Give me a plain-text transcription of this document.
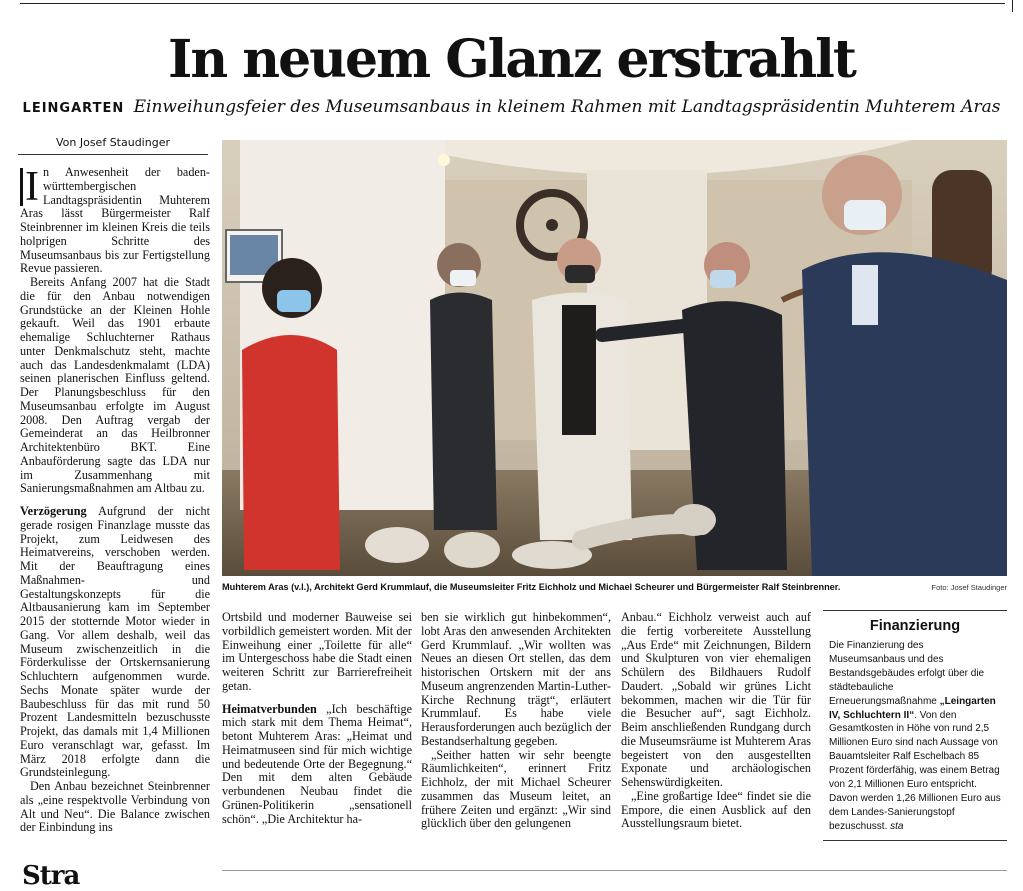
In neuem Glanz erstrahlt
LEINGARTEN Einweihungsfeier des Museumsanbaus in kleinem Rahmen mit Landtagspräsidentin Muhterem Aras
Von Josef Staudinger

I n Anwesenheit der baden-württembergischen Landtagspräsidentin Muhterem Aras lässt Bürgermeister Ralf Steinbrenner im kleinen Kreis die teils holprigen Schritte des Museumsanbaus bis zur Fertigstellung Revue passieren.

Bereits Anfang 2007 hat die Stadt die für den Anbau notwendigen Grundstücke an der Kleinen Hohle gekauft. Weil das 1901 erbaute ehemalige Schluchterner Rathaus unter Denkmalschutz steht, machte auch das Landesdenkmalamt (LDA) seinen planerischen Einfluss geltend. Der Planungsbeschluss für den Museumsanbau erfolgte im August 2008. Den Auftrag vergab der Gemeinderat an das Heilbronner Architektenbüro BKT. Eine Anbauförderung sagte das LDA nur im Zusammenhang mit Sanierungsmaßnahmen am Altbau zu.

Verzögerung Aufgrund der nicht gerade rosigen Finanzlage musste das Projekt, zum Leidwesen des Heimatvereins, verschoben werden. Mit der Beauftragung eines Maßnahmen- und Gestaltungskonzepts für die Altbausanierung kam im September 2015 der stotternde Motor wieder in Gang. Vor allem deshalb, weil das Museum zwischenzeitlich in die Förderkulisse der Ortskernsanierung Schluchtern aufgenommen wurde. Sechs Monate später wurde der Baubeschluss für das mit rund 50 Prozent Landesmitteln bezuschusste Projekt, das damals mit 1,4 Millionen Euro veranschlagt war, gefasst. Im März 2018 erfolgte dann die Grundsteinlegung.

Den Anbau bezeichnet Steinbrenner als „eine respektvolle Verbindung von Alt und Neu“. Die Balance zwischen der Einbindung ins

Muhterem Aras (v.l.), Architekt Gerd Krummlauf, die Museumsleiter Fritz Eichholz und Michael Scheurer und Bürgermeister Ralf Steinbrenner.	Foto: Josef Staudinger

Ortsbild und moderner Bauweise sei vorbildlich gemeistert worden. Mit der Einweihung einer „Toilette für alle“ im Untergeschoss habe die Stadt einen weiteren Schritt zur Barrierefreiheit getan.

Heimatverbunden „Ich beschäftige mich stark mit dem Thema Heimat“, betont Muhterem Aras: „Heimat und Heimatmuseen sind für mich wichtige und bedeutende Orte der Begegnung.“ Den mit dem alten Gebäude verbundenen Neubau findet die Grünen-Politikerin „sensationell schön“. „Die Architektur ha-

ben sie wirklich gut hinbekommen“, lobt Aras den anwesenden Architekten Gerd Krummlauf. „Wir wollten was Neues an diesen Ort stellen, das dem historischen Ortskern mit der ans Museum angrenzenden Martin-Luther-Kirche Rechnung trägt“, erläutert Krummlauf. Es habe viele Herausforderungen auch bezüglich der Bestandserhaltung gegeben.

„Seither hatten wir sehr beengte Räumlichkeiten“, erinnert Fritz Eichholz, der mit Michael Scheurer zusammen das Museum leitet, an frühere Zeiten und ergänzt: „Wir sind glücklich über den gelungenen

Anbau.“ Eichholz verweist auch auf die fertig vorbereitete Ausstellung „Aus Erde“ mit Zeichnungen, Bildern und Skulpturen von vier ehemaligen Schülern des Bildhauers Rudolf Daudert. „Sobald wir grünes Licht bekommen, machen wir die Tür für die Besucher auf“, sagt Eichholz. Beim anschließenden Rundgang durch die Museumsräume ist Muhterem Aras begeistert von den ausgestellten Exponate und archäologischen Sehenswürdigkeiten.

„Eine großartige Idee“ findet sie die Empore, die einen Ausblick auf den Ausstellungsraum bietet.

Finanzierung
Die Finanzierung des Museumsanbaus und des Bestandsgebäudes erfolgt über die städtebauliche Erneuerungsmaßnahme „Leingarten IV, Schluchtern II“. Von den Gesamtkosten in Höhe von rund 2,5 Millionen Euro sind nach Aussage von Bauamtsleiter Ralf Eschelbach 85 Prozent förderfähig, was einem Betrag von 2,1 Millionen Euro entspricht. Davon werden 1,26 Millionen Euro aus dem Landes-Sanierungstopf bezuschusst. sta
Stra
